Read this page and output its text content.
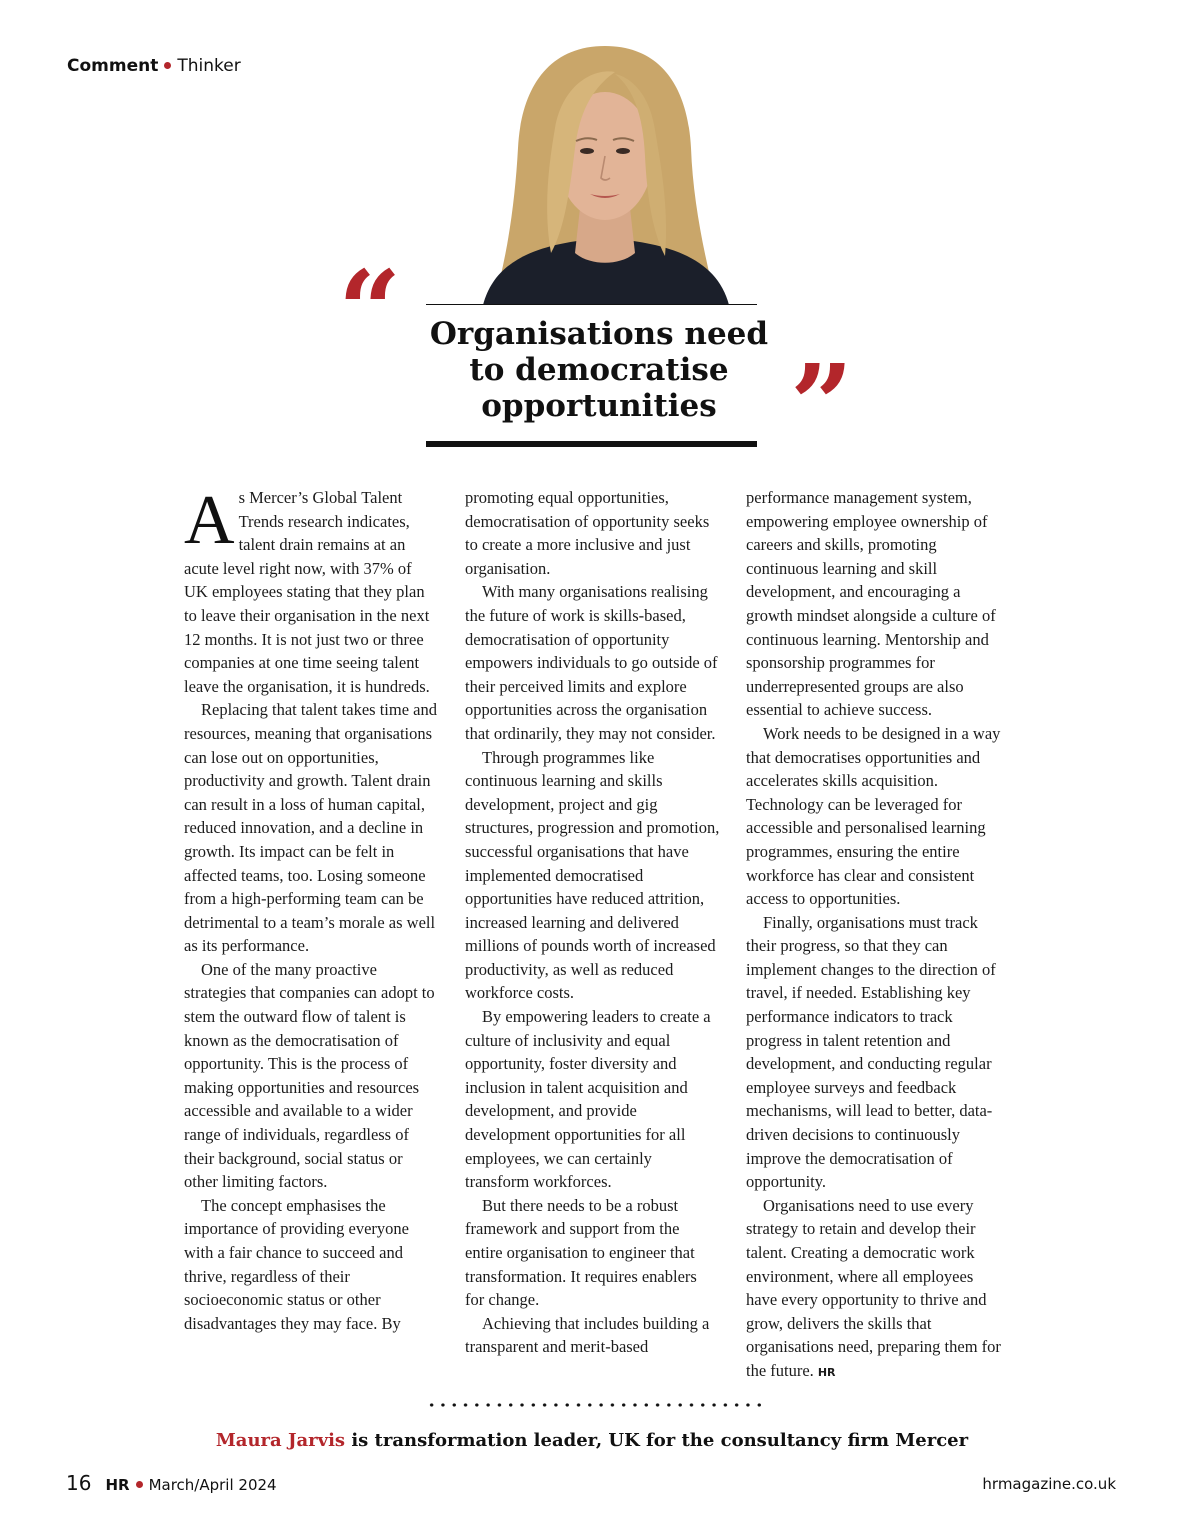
Comment Thinker
“ Organisations need to democratise opportunities ”

As Mercer’s Global Talent Trends research indicates, talent drain remains at an acute level right now, with 37% of UK employees stating that they plan to leave their organisation in the next 12 months. It is not just two or three companies at one time seeing talent leave the organisation, it is hundreds.

Replacing that talent takes time and resources, meaning that organisations can lose out on opportunities, productivity and growth. Talent drain can result in a loss of human capital, reduced innovation, and a decline in growth. Its impact can be felt in affected teams, too. Losing someone from a high-performing team can be detrimental to a team’s morale as well as its performance.

One of the many proactive strategies that companies can adopt to stem the outward flow of talent is known as the democratisation of opportunity. This is the process of making opportunities and resources accessible and available to a wider range of individuals, regardless of their background, social status or other limiting factors.

The concept emphasises the importance of providing everyone with a fair chance to succeed and thrive, regardless of their socioeconomic status or other disadvantages they may face. By

promoting equal opportunities, democratisation of opportunity seeks to create a more inclusive and just organisation.

With many organisations realising the future of work is skills-based, democratisation of opportunity empowers individuals to go outside of their perceived limits and explore opportunities across the organisation that ordinarily, they may not consider.

Through programmes like continuous learning and skills development, project and gig structures, progression and promotion, successful organisations that have implemented democratised opportunities have reduced attrition, increased learning and delivered millions of pounds worth of increased productivity, as well as reduced workforce costs.

By empowering leaders to create a culture of inclusivity and equal opportunity, foster diversity and inclusion in talent acquisition and development, and provide development opportunities for all employees, we can certainly transform workforces.

But there needs to be a robust framework and support from the entire organisation to engineer that transformation. It requires enablers for change.

Achieving that includes building a transparent and merit-based

performance management system, empowering employee ownership of careers and skills, promoting continuous learning and skill development, and encouraging a growth mindset alongside a culture of continuous learning. Mentorship and sponsorship programmes for underrepresented groups are also essential to achieve success.

Work needs to be designed in a way that democratises opportunities and accelerates skills acquisition. Technology can be leveraged for accessible and personalised learning programmes, ensuring the entire workforce has clear and consistent access to opportunities.

Finally, organisations must track their progress, so that they can implement changes to the direction of travel, if needed. Establishing key performance indicators to track progress in talent retention and development, and conducting regular employee surveys and feedback mechanisms, will lead to better, data-driven decisions to continuously improve the democratisation of opportunity.

Organisations need to use every strategy to retain and develop their talent. Creating a democratic work environment, where all employees have every opportunity to thrive and grow, delivers the skills that organisations need, preparing them for the future. HR

Maura Jarvis is transformation leader, UK for the consultancy firm Mercer
16 HR March/April 2024	hrmagazine.co.uk
